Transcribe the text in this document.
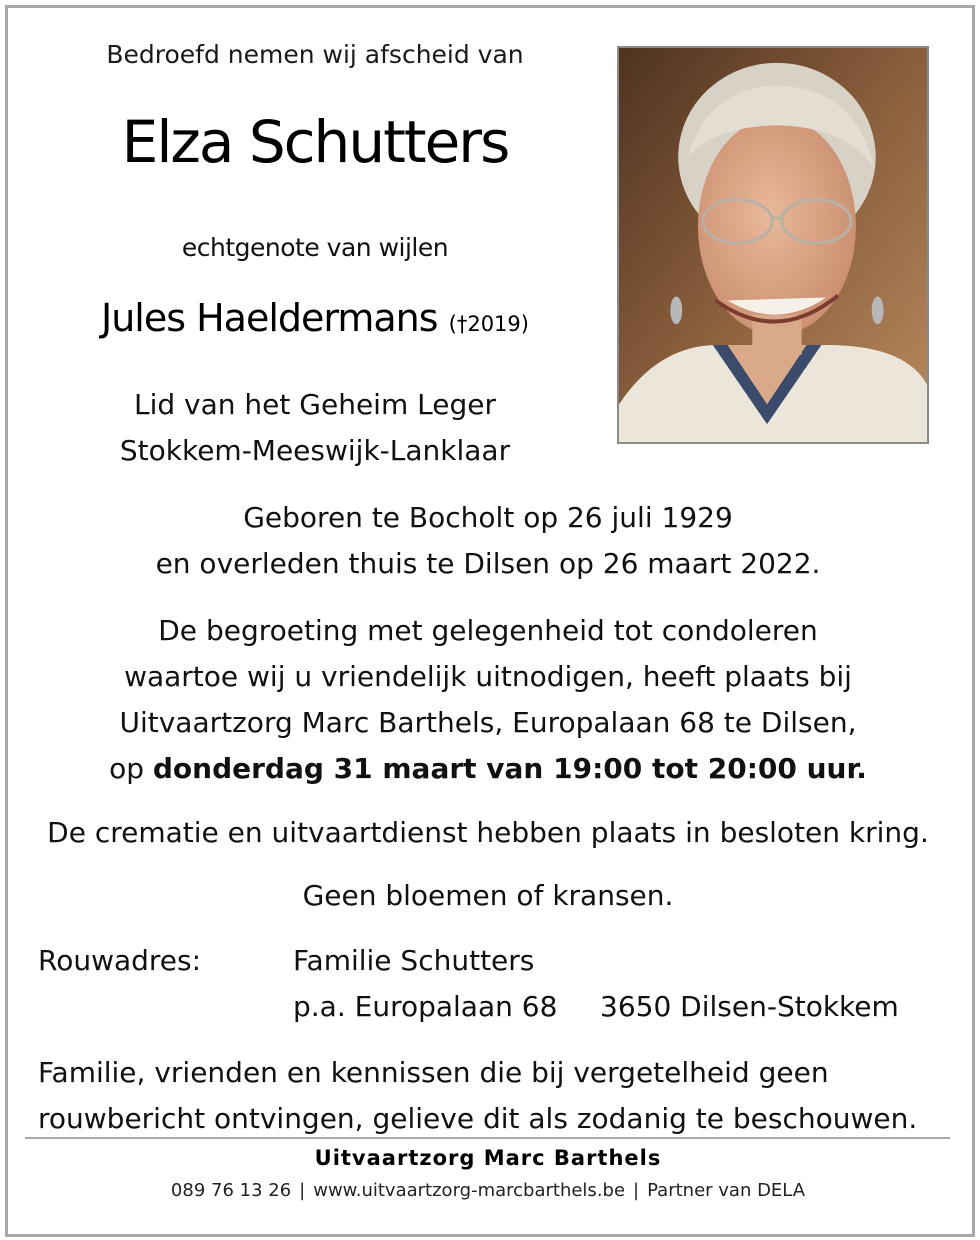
Bedroefd nemen wij afscheid van
Elza Schutters
echtgenote van wijlen
Jules Haeldermans (†2019)
Lid van het Geheim Leger
Stokkem-Meeswijk-Lanklaar
Geboren te Bocholt op 26 juli 1929
en overleden thuis te Dilsen op 26 maart 2022.
De begroeting met gelegenheid tot condoleren
waartoe wij u vriendelijk uitnodigen, heeft plaats bij
Uitvaartzorg Marc Barthels, Europalaan 68 te Dilsen,
op donderdag 31 maart van 19:00 tot 20:00 uur.
De crematie en uitvaartdienst hebben plaats in besloten kring.
Geen bloemen of kransen.
Rouwadres:	Familie Schutters
p.a. Europalaan 68 3650 Dilsen-Stokkem
Familie, vrienden en kennissen die bij vergetelheid geen
rouwbericht ontvingen, gelieve dit als zodanig te beschouwen.
Uitvaartzorg Marc Barthels
089 76 13 26 | www.uitvaartzorg-marcbarthels.be | Partner van DELA
